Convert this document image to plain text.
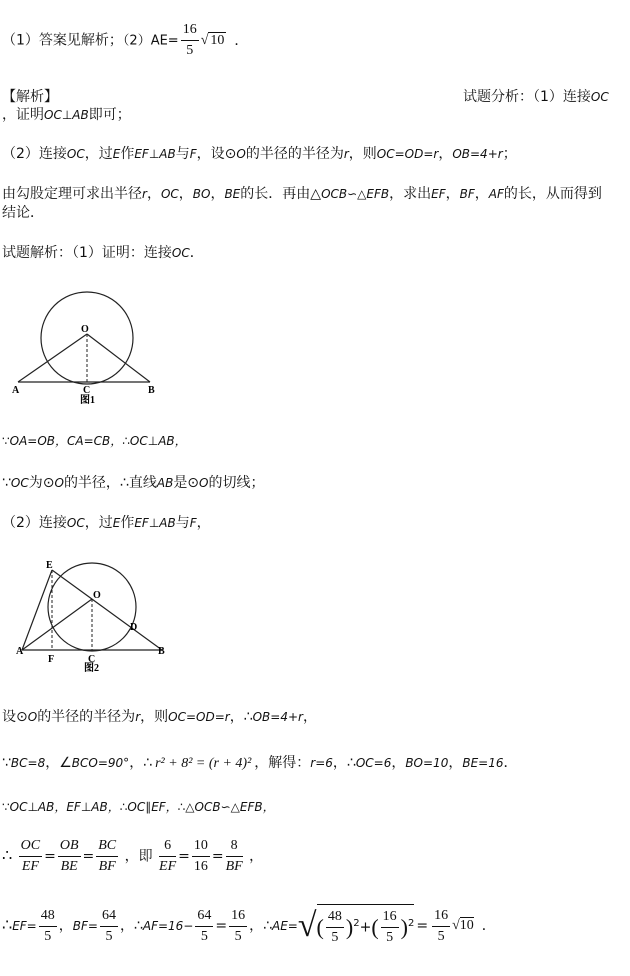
（1）答案见解析；$(2)AE= \frac{16}{5}$ √ 10 ．
【解析】	试题分析：（1）连接OC
，证明OC⊥AB即可；
（2）连接OC，过E作EF⊥AB与F，设⊙O的半径的半径为r，则OC=OD=r，OB=4+r；
由勾股定理可求出半径r，OC，BO，BE的长．再由△OCB∽△EFB，求出EF，BF，AF的长，从而得到
结论．
试题解析：（1）证明：连接OC．
O
A	C	B
图1
∵OA=OB，CA=CB，∴OC⊥AB，
∵OC为⊙O的半径，∴直线AB是⊙O的切线；
（2）连接OC，过E作EF⊥AB与F，
E
O
D
A
F	C
B
图2
设⊙O的半径的半径为r，则OC=OD=r，∴OB=4+r，
∵BC=8，∠BCO=90°，∴ r² + 8² = (r + 4)² ，解得：r=6，∴OC=6，BO=10，BE=16．
∵OC⊥AB，EF⊥AB，∴OC∥EF，∴△OCB∽△EFB，
∴ $\frac{OC}{EF} = \frac{OB}{BE} = \frac{BC}{BF}$ ，即 $\frac{6}{EF} = \frac{10}{16} = \frac{8}{BF}$ ，
∴EF= $\frac{48}{5}$ ，$BF= \frac{64}{5}$ ，∴AF=16− $\frac{64}{5} = \frac{16}{5}$ ，∴AE=√( $\frac{48}{5} )^2+( \frac{16}{5} )^2 = \frac{16}{5} √10$ ．
